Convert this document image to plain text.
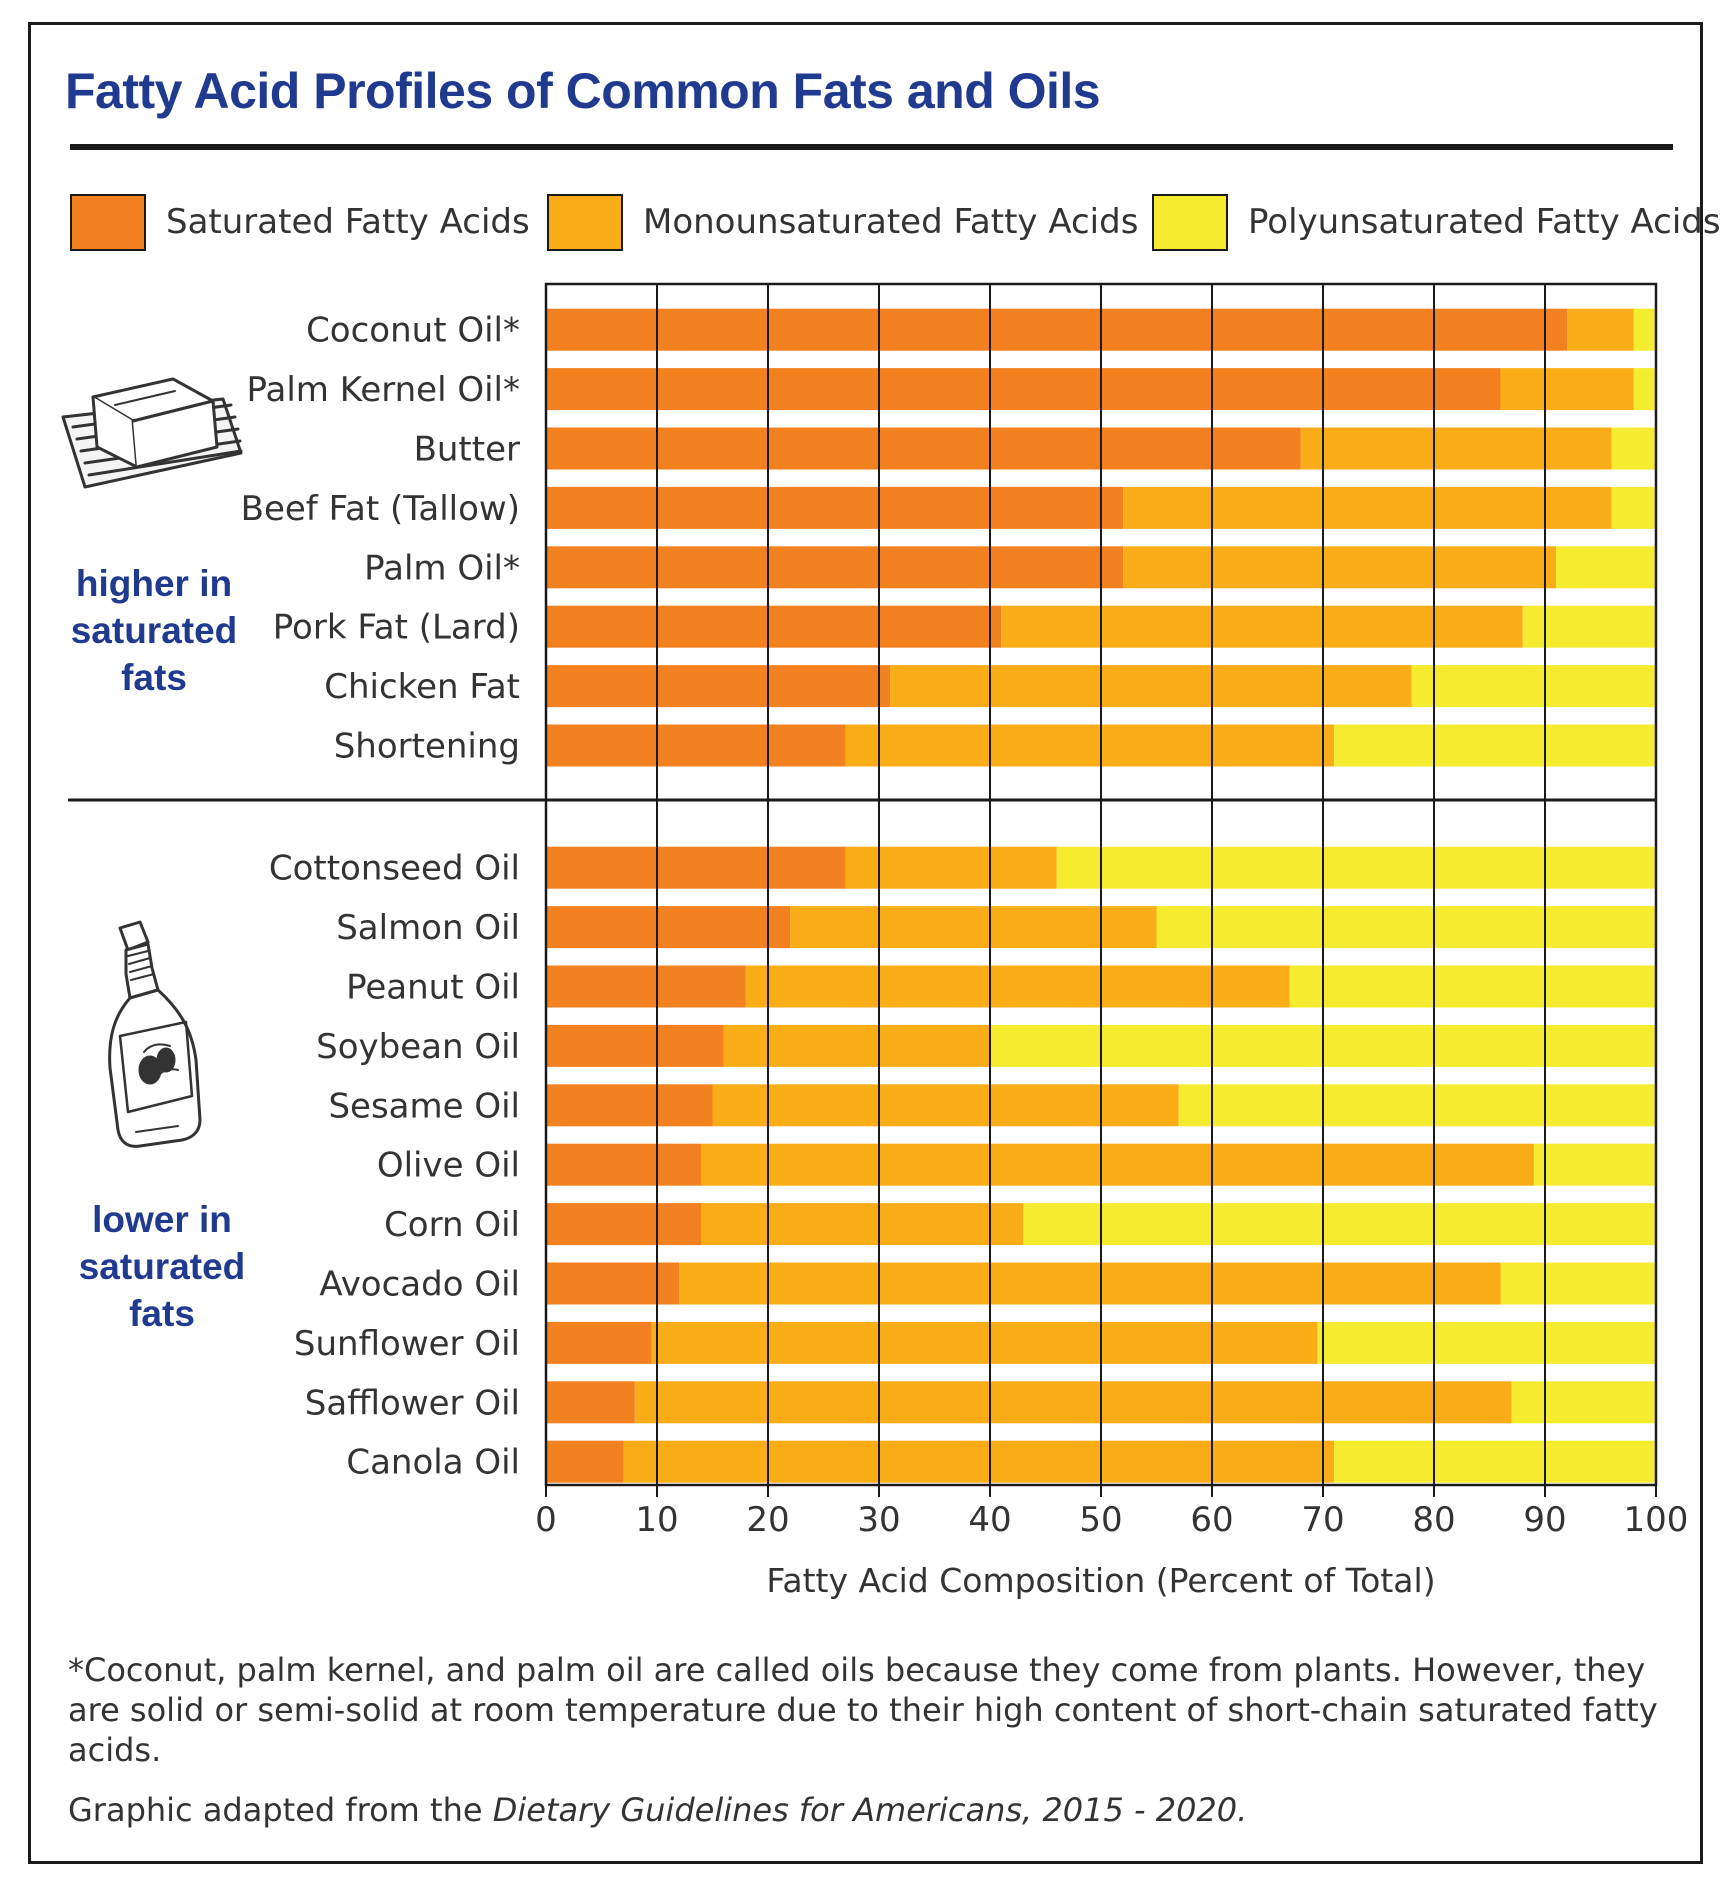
Fatty Acid Profiles of Common Fats and Oils
Saturated Fatty Acids	Monounsaturated Fatty Acids	Polyunsaturated Fatty Acids
higher in
saturated
fats
lower in
saturated
fats
Coconut Oil*
Palm Kernel Oil*
Butter
Beef Fat (Tallow)
Palm Oil*
Pork Fat (Lard)
Chicken Fat
Shortening
Cottonseed Oil
Salmon Oil
Peanut Oil
Soybean Oil
Sesame Oil
Olive Oil
Corn Oil
Avocado Oil
Sunflower Oil
Safflower Oil
Canola Oil
0 10 20 30 40 50 60 70 80 90 100
Fatty Acid Composition (Percent of Total)

*Coconut, palm kernel, and palm oil are called oils because they come from plants. However, they
are solid or semi-solid at room temperature due to their high content of short-chain saturated fatty
acids.

Graphic adapted from the Dietary Guidelines for Americans, 2015 - 2020.
